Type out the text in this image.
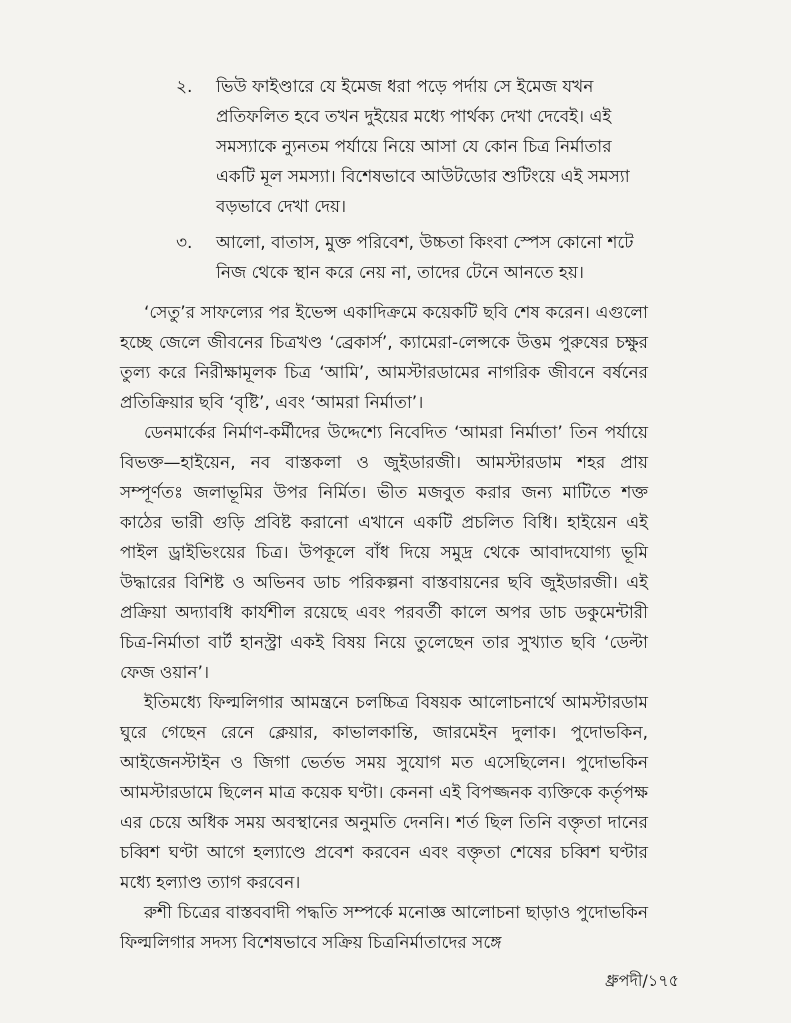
২.	ভিউ ফাইণ্ডারে যে ইমেজ ধরা পড়ে পর্দায় সে ইমেজ যখন প্রতিফলিত হবে তখন দুইয়ের মধ্যে পার্থক্য দেখা দেবেই। এই সমস্যাকে ন্যুনতম পর্যায়ে নিয়ে আসা যে কোন চিত্র নির্মাতার একটি মূল সমস্যা। বিশেষভাবে আউটডোর শুটিংয়ে এই সমস্যা বড়ভাবে দেখা দেয়।
৩.	আলো, বাতাস, মুক্ত পরিবেশ, উচ্চতা কিংবা স্পেস কোনো শটে নিজ থেকে স্থান করে নেয় না, তাদের টেনে আনতে হয়।

‘সেতু’র সাফল্যের পর ইভেন্স একাদিক্রমে কয়েকটি ছবি শেষ করেন। এগুলো হচ্ছে জেলে জীবনের চিত্রখণ্ড ‘ব্রেকার্স’, ক্যামেরা-লেন্সকে উত্তম পুরুষের চক্ষুর তুল্য করে নিরীক্ষামূলক চিত্র ‘আমি’, আমস্টারডামের নাগরিক জীবনে বর্ষনের প্রতিক্রিয়ার ছবি ‘বৃষ্টি’, এবং ‘আমরা নির্মাতা’।

ডেনমার্কের নির্মাণ-কর্মীদের উদ্দেশ্যে নিবেদিত ‘আমরা নির্মাতা’ তিন পর্যায়ে বিভক্ত—হাইয়েন, নব বাস্তকলা ও জুইডারজী। আমস্টারডাম শহর প্রায় সম্পূর্ণতঃ জলাভূমির উপর নির্মিত। ভীত মজবুত করার জন্য মাটিতে শক্ত কাঠের ভারী গুড়ি প্রবিষ্ট করানো এখানে একটি প্রচলিত বিধি। হাইয়েন এই পাইল ড্রাইভিংয়ের চিত্র। উপকূলে বাঁধ দিয়ে সমুদ্র থেকে আবাদযোগ্য ভূমি উদ্ধারের বিশিষ্ট ও অভিনব ডাচ পরিকল্পনা বাস্তবায়নের ছবি জুইডারজী। এই প্রক্রিয়া অদ্যাবধি কার্যশীল রয়েছে এবং পরবর্তী কালে অপর ডাচ ডকুমেন্টারী চিত্র-নির্মাতা বার্ট হানস্ট্রা একই বিষয় নিয়ে তুলেছেন তার সুখ্যাত ছবি ‘ডেল্টা ফেজ ওয়ান’।

ইতিমধ্যে ফিল্মলিগার আমন্ত্রনে চলচ্চিত্র বিষয়ক আলোচনার্থে আমস্টারডাম ঘুরে গেছেন রেনে ক্লেয়ার, কাভালকান্তি, জারমেইন দুলাক। পুদোভকিন, আইজেনস্টাইন ও জিগা ভের্তভ সময় সুযোগ মত এসেছিলেন। পুদোভকিন আমস্টারডামে ছিলেন মাত্র কয়েক ঘণ্টা। কেননা এই বিপজ্জনক ব্যক্তিকে কর্তৃপক্ষ এর চেয়ে অধিক সময় অবস্থানের অনুমতি দেননি। শর্ত ছিল তিনি বক্তৃতা দানের চব্বিশ ঘণ্টা আগে হল্যাণ্ডে প্রবেশ করবেন এবং বক্তৃতা শেষের চব্বিশ ঘণ্টার মধ্যে হল্যাণ্ড ত্যাগ করবেন।

রুশী চিত্রের বাস্তববাদী পদ্ধতি সম্পর্কে মনোজ্ঞ আলোচনা ছাড়াও পুদোভকিন ফিল্মলিগার সদস্য বিশেষভাবে সক্রিয় চিত্রনির্মাতাদের সঙ্গে

ধ্রুপদী/১৭৫
